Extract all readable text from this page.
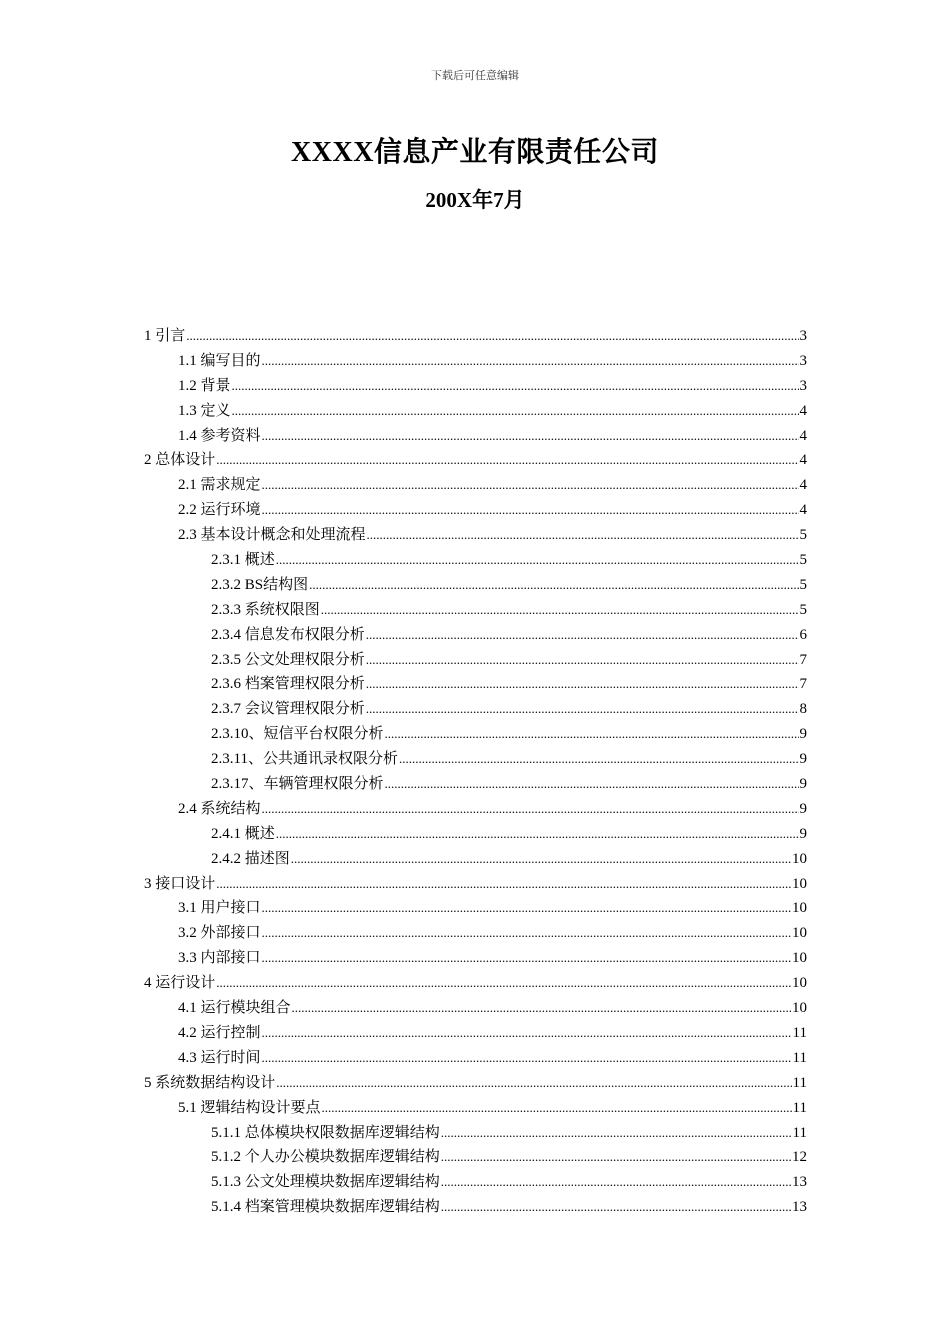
下载后可任意编辑
XXXX信息产业有限责任公司
200X年7月
1 引言 .....	3
1.1 编写目的 .....	3
1.2 背景 .....	3
1.3 定义 .....	4
1.4 参考资料 .....	4
2 总体设计 .....	4
2.1 需求规定 .....	4
2.2 运行环境 .....	4
2.3 基本设计概念和处理流程 .....	5
2.3.1 概述 .....	5
2.3.2 BS结构图 .....	5
2.3.3 系统权限图 .....	5
2.3.4 信息发布权限分析 .....	6
2.3.5 公文处理权限分析 .....	7
2.3.6 档案管理权限分析 .....	7
2.3.7 会议管理权限分析 .....	8
2.3.10、短信平台权限分析 .....	9
2.3.11、公共通讯录权限分析 .....	9
2.3.17、车辆管理权限分析 .....	9
2.4 系统结构 .....	9
2.4.1 概述 .....	9
2.4.2 描述图 .....	10
3 接口设计 .....	10
3.1 用户接口 .....	10
3.2 外部接口 .....	10
3.3 内部接口 .....	10
4 运行设计 .....	10
4.1 运行模块组合 .....	10
4.2 运行控制 .....	11
4.3 运行时间 .....	11
5 系统数据结构设计 .....	11
5.1 逻辑结构设计要点 .....	11
5.1.1 总体模块权限数据库逻辑结构 .....	11
5.1.2 个人办公模块数据库逻辑结构 .....	12
5.1.3 公文处理模块数据库逻辑结构 .....	13
5.1.4 档案管理模块数据库逻辑结构 .....	13
